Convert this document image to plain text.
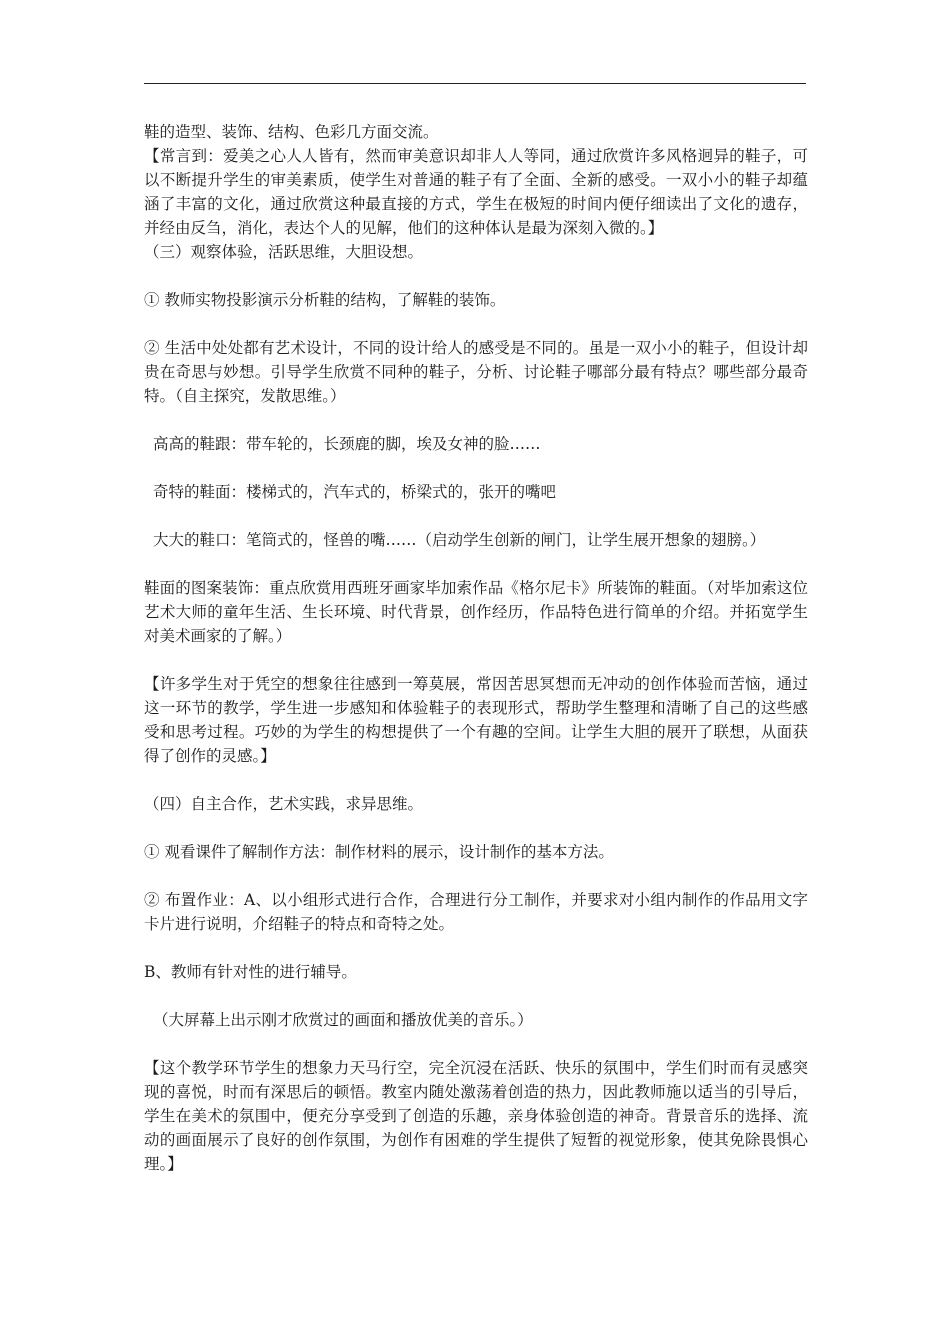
鞋的造型、装饰、结构、色彩几方面交流。

【常言到：爱美之心人人皆有，然而审美意识却非人人等同，通过欣赏许多风格迥异的鞋子，可以不断提升学生的审美素质，使学生对普通的鞋子有了全面、全新的感受。一双小小的鞋子却蕴涵了丰富的文化，通过欣赏这种最直接的方式，学生在极短的时间内便仔细读出了文化的遗存，并经由反刍，消化，表达个人的见解，他们的这种体认是最为深刻入微的。】

（三）观察体验，活跃思维，大胆设想。

① 教师实物投影演示分析鞋的结构，了解鞋的装饰。

② 生活中处处都有艺术设计，不同的设计给人的感受是不同的。虽是一双小小的鞋子，但设计却贵在奇思与妙想。引导学生欣赏不同种的鞋子，分析、讨论鞋子哪部分最有特点？哪些部分最奇特。（自主探究，发散思维。）

高高的鞋跟：带车轮的，长颈鹿的脚，埃及女神的脸……

奇特的鞋面：楼梯式的，汽车式的，桥梁式的，张开的嘴吧

大大的鞋口：笔筒式的，怪兽的嘴……（启动学生创新的闸门，让学生展开想象的翅膀。）

鞋面的图案装饰：重点欣赏用西班牙画家毕加索作品《格尔尼卡》所装饰的鞋面。（对毕加索这位艺术大师的童年生活、生长环境、时代背景，创作经历，作品特色进行简单的介绍。并拓宽学生对美术画家的了解。）

【许多学生对于凭空的想象往往感到一筹莫展，常因苦思冥想而无冲动的创作体验而苦恼，通过这一环节的教学，学生进一步感知和体验鞋子的表现形式，帮助学生整理和清晰了自己的这些感受和思考过程。巧妙的为学生的构想提供了一个有趣的空间。让学生大胆的展开了联想，从面获得了创作的灵感。】

（四）自主合作，艺术实践，求异思维。

① 观看课件了解制作方法：制作材料的展示，设计制作的基本方法。

② 布置作业：A、以小组形式进行合作，合理进行分工制作，并要求对小组内制作的作品用文字卡片进行说明，介绍鞋子的特点和奇特之处。

B、教师有针对性的进行辅导。

（大屏幕上出示刚才欣赏过的画面和播放优美的音乐。）

【这个教学环节学生的想象力天马行空，完全沉浸在活跃、快乐的氛围中，学生们时而有灵感突现的喜悦，时而有深思后的顿悟。教室内随处激荡着创造的热力，因此教师施以适当的引导后，学生在美术的氛围中，便充分享受到了创造的乐趣，亲身体验创造的神奇。背景音乐的选择、流动的画面展示了良好的创作氛围，为创作有困难的学生提供了短暂的视觉形象，使其免除畏惧心理。】
